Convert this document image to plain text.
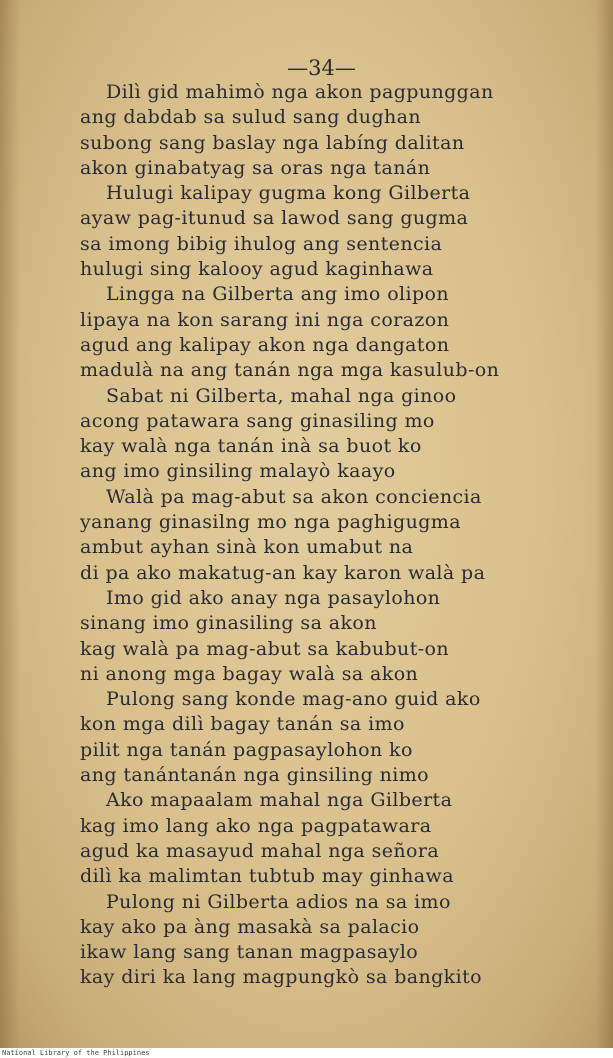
—34—

Dilì gid mahimò nga akon pagpunggan
ang dabdab sa sulud sang dughan
subong sang baslay nga labíng dalitan
akon ginabatyag sa oras nga tanán
Hulugi kalipay gugma kong Gilberta
ayaw pag-itunud sa lawod sang gugma
sa imong bibig ihulog ang sentencia
hulugi sing kalooy agud kaginhawa
Lingga na Gilberta ang imo olipon
lipaya na kon sarang ini nga corazon
agud ang kalipay akon nga dangaton
madulà na ang tanán nga mga kasulub-on
Sabat ni Gilberta, mahal nga ginoo
acong patawara sang ginasiling mo
kay walà nga tanán inà sa buot ko
ang imo ginsiling malayò kaayo
Walà pa mag-abut sa akon conciencia
yanang ginasilng mo nga paghigugma
ambut ayhan sinà kon umabut na
di pa ako makatug-an kay karon walà pa
Imo gid ako anay nga pasaylohon
sinang imo ginasiling sa akon
kag walà pa mag-abut sa kabubut-on
ni anong mga bagay walà sa akon
Pulong sang konde mag-ano guid ako
kon mga dilì bagay tanán sa imo
pilit nga tanán pagpasaylohon ko
ang tanántanán nga ginsiling nimo
Ako mapaalam mahal nga Gilberta
kag imo lang ako nga pagpatawara
agud ka masayud mahal nga señora
dilì ka malimtan tubtub may ginhawa
Pulong ni Gilberta adios na sa imo
kay ako pa àng masakà sa palacio
ikaw lang sang tanan magpasaylo
kay diri ka lang magpungkò sa bangkito
National Library of the Philippines
